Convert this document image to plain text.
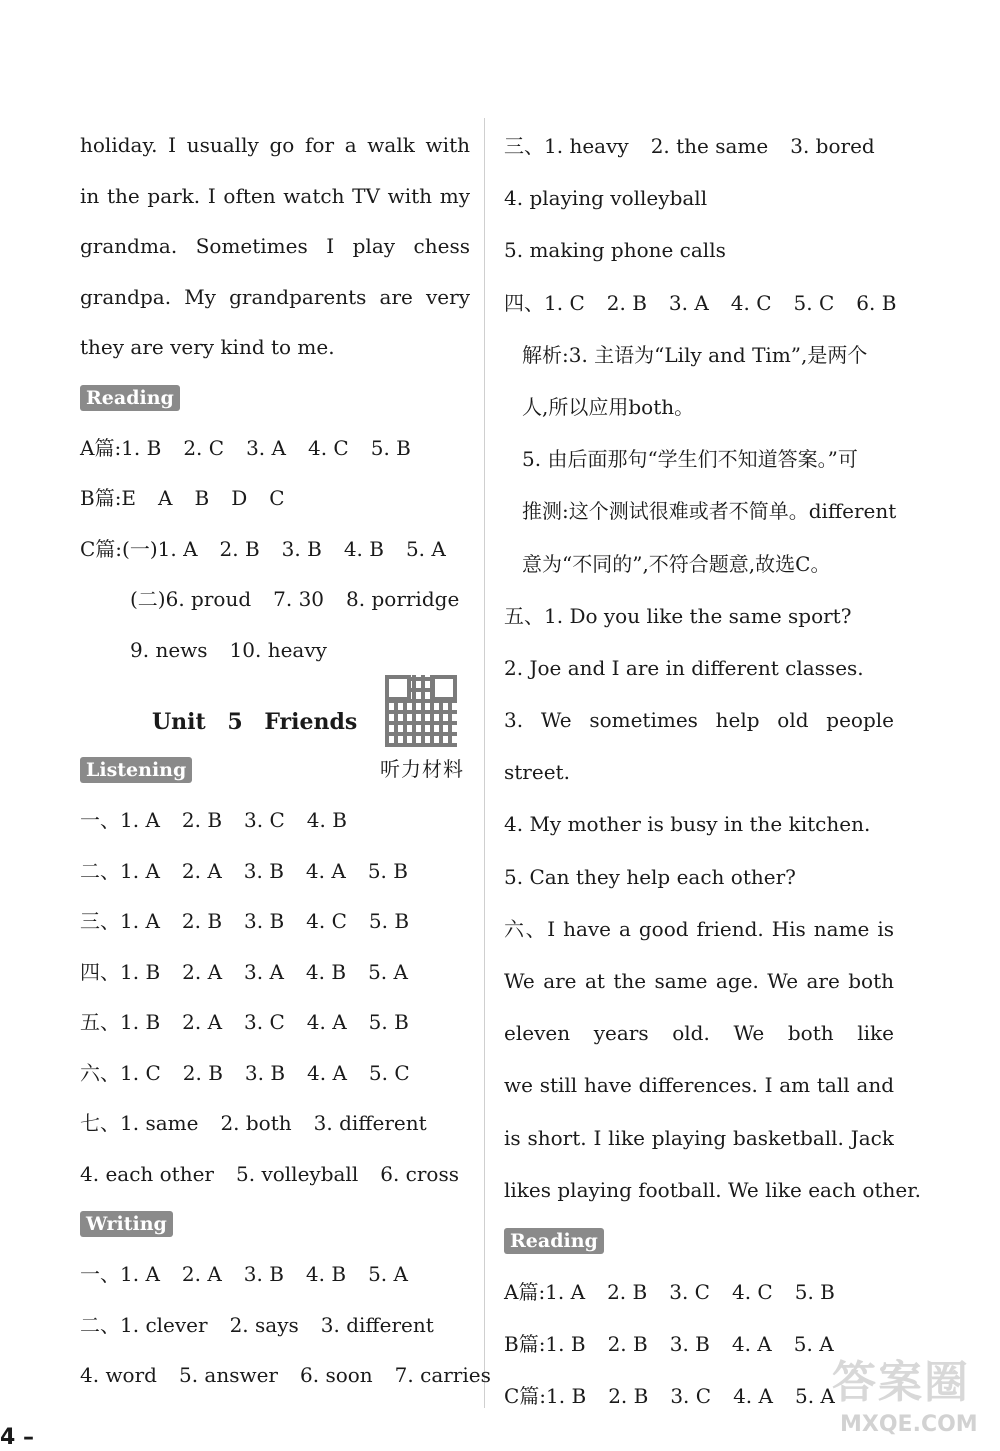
holiday. I usually go for a walk with
in the park. I often watch TV with my
grandma. Sometimes I play chess
grandpa. My grandparents are very
they are very kind to me.
Reading
A篇:1. B 2. C 3. A 4. C 5. B
B篇:E A B D C
C篇:(一)1. A 2. B 3. B 4. B 5. A
(二)6. proud 7. 30 8. porridge
9. news 10. heavy
Unit 5 Friends
听力材料
Listening
一、1. A 2. B 3. C 4. B
二、1. A 2. A 3. B 4. A 5. B
三、1. A 2. B 3. B 4. C 5. B
四、1. B 2. A 3. A 4. B 5. A
五、1. B 2. A 3. C 4. A 5. B
六、1. C 2. B 3. B 4. A 5. C
七、1. same 2. both 3. different
4. each other 5. volleyball 6. cross
Writing
一、1. A 2. A 3. B 4. B 5. A
二、1. clever 2. says 3. different
4. word 5. answer 6. soon 7. carries
三、1. heavy 2. the same 3. bored
4. playing volleyball
5. making phone calls
四、1. C 2. B 3. A 4. C 5. C 6. B
解析:3. 主语为“Lily and Tim”,是两个
人,所以应用both。
5. 由后面那句“学生们不知道答案。”可
推测:这个测试很难或者不简单。different
意为“不同的”,不符合题意,故选C。
五、1. Do you like the same sport?
2. Joe and I are in different classes.
3. We sometimes help old people
street.
4. My mother is busy in the kitchen.
5. Can they help each other?
六、I have a good friend. His name is
We are at the same age. We are both
eleven years old. We both like
we still have differences. I am tall and
is short. I like playing basketball. Jack
likes playing football. We like each other.
Reading
A篇:1. A 2. B 3. C 4. C 5. B
B篇:1. B 2. B 3. B 4. A 5. A
C篇:1. B 2. B 3. C 4. A 5. A
4 –
答案圈
MXQE.COM
